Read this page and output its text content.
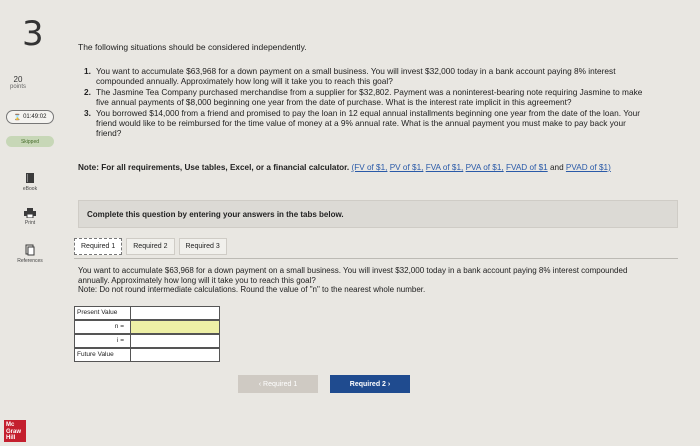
3
20
points
⌛ 01:49:02
Skipped
eBook
Print
References
Mc
Graw
Hill
The following situations should be considered independently.
1. You want to accumulate $63,968 for a down payment on a small business. You will invest $32,000 today in a bank account paying 8% interest compounded annually. Approximately how long will it take you to reach this goal?
2. The Jasmine Tea Company purchased merchandise from a supplier for $32,802. Payment was a noninterest-bearing note requiring Jasmine to make five annual payments of $8,000 beginning one year from the date of purchase. What is the interest rate implicit in this agreement?
3. You borrowed $14,000 from a friend and promised to pay the loan in 12 equal annual installments beginning one year from the date of the loan. Your friend would like to be reimbursed for the time value of money at a 9% annual rate. What is the annual payment you must make to pay back your friend?
Note: For all requirements, Use tables, Excel, or a financial calculator. (FV of $1, PV of $1, FVA of $1, PVA of $1, FVAD of $1 and PVAD of $1)
Complete this question by entering your answers in the tabs below.
Required 1	Required 2	Required 3
You want to accumulate $63,968 for a down payment on a small business. You will invest $32,000 today in a bank account paying 8% interest compounded annually. Approximately how long will it take you to reach this goal?
Note: Do not round intermediate calculations. Round the value of "n" to the nearest whole number.
Present Value
n =
i =
Future Value
‹ Required 1	Required 2 ›
